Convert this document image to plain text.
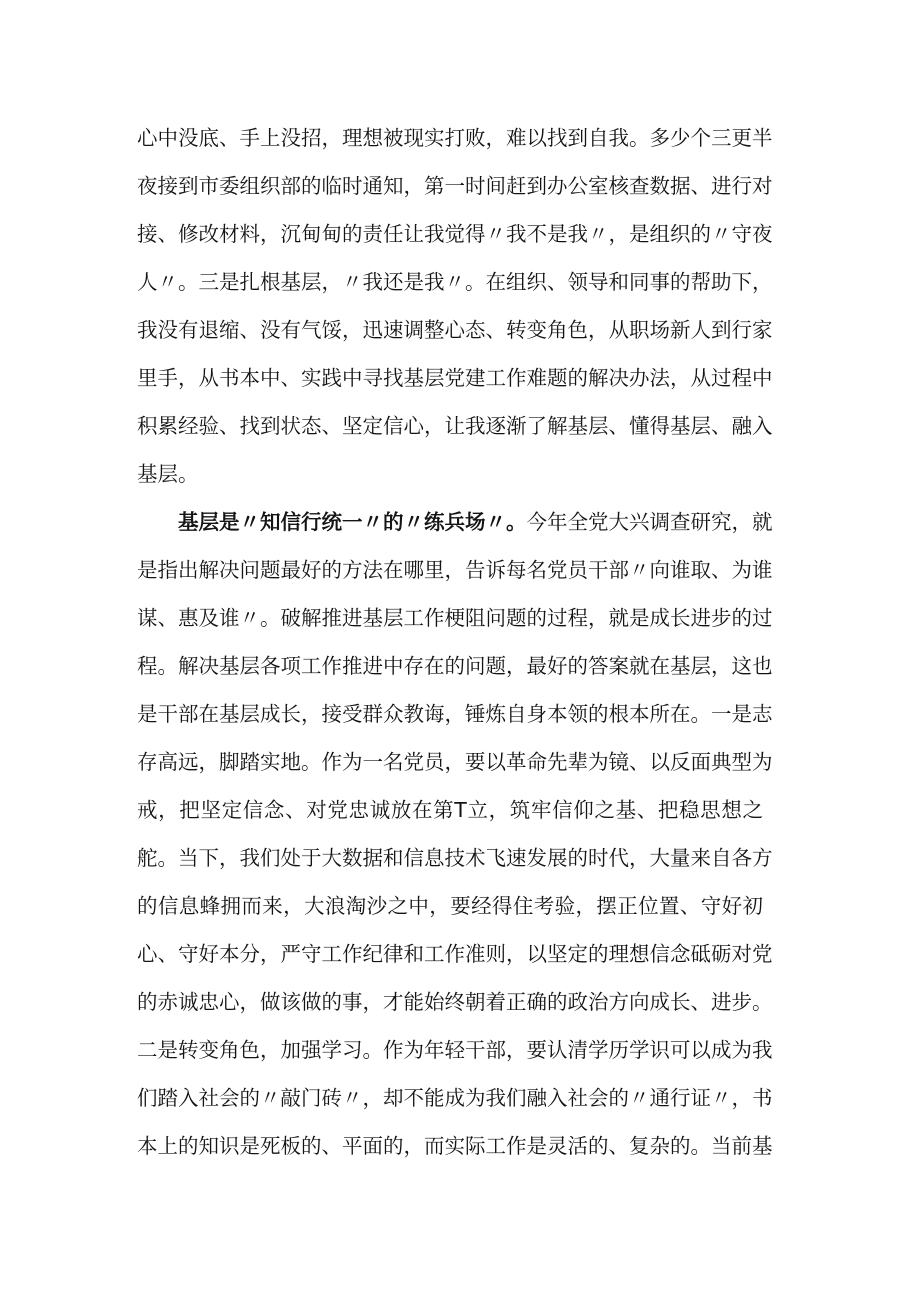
心中没底、手上没招，理想被现实打败，难以找到自我。多少个三更半
夜接到市委组织部的临时通知，第一时间赶到办公室核查数据、进行对
接、修改材料，沉甸甸的责任让我觉得〃我不是我〃，是组织的〃守夜
人〃。三是扎根基层，〃我还是我〃。在组织、领导和同事的帮助下，
我没有退缩、没有气馁，迅速调整心态、转变角色，从职场新人到行家
里手，从书本中、实践中寻找基层党建工作难题的解决办法，从过程中
积累经验、找到状态、坚定信心，让我逐渐了解基层、懂得基层、融入
基层。
基层是〃知信行统一〃的〃练兵场〃。今年全党大兴调查研究，就
是指出解决问题最好的方法在哪里，告诉每名党员干部〃向谁取、为谁
谋、惠及谁〃。破解推进基层工作梗阻问题的过程，就是成长进步的过
程。解决基层各项工作推进中存在的问题，最好的答案就在基层，这也
是干部在基层成长，接受群众教诲，锤炼自身本领的根本所在。一是志
存高远，脚踏实地。作为一名党员，要以革命先辈为镜、以反面典型为
戒，把坚定信念、对党忠诚放在第T立，筑牢信仰之基、把稳思想之
舵。当下，我们处于大数据和信息技术飞速发展的时代，大量来自各方
的信息蜂拥而来，大浪淘沙之中，要经得住考验，摆正位置、守好初
心、守好本分，严守工作纪律和工作准则，以坚定的理想信念砥砺对党
的赤诚忠心，做该做的事，才能始终朝着正确的政治方向成长、进步。
二是转变角色，加强学习。作为年轻干部，要认清学历学识可以成为我
们踏入社会的〃敲门砖〃，却不能成为我们融入社会的〃通行证〃，书
本上的知识是死板的、平面的，而实际工作是灵活的、复杂的。当前基
